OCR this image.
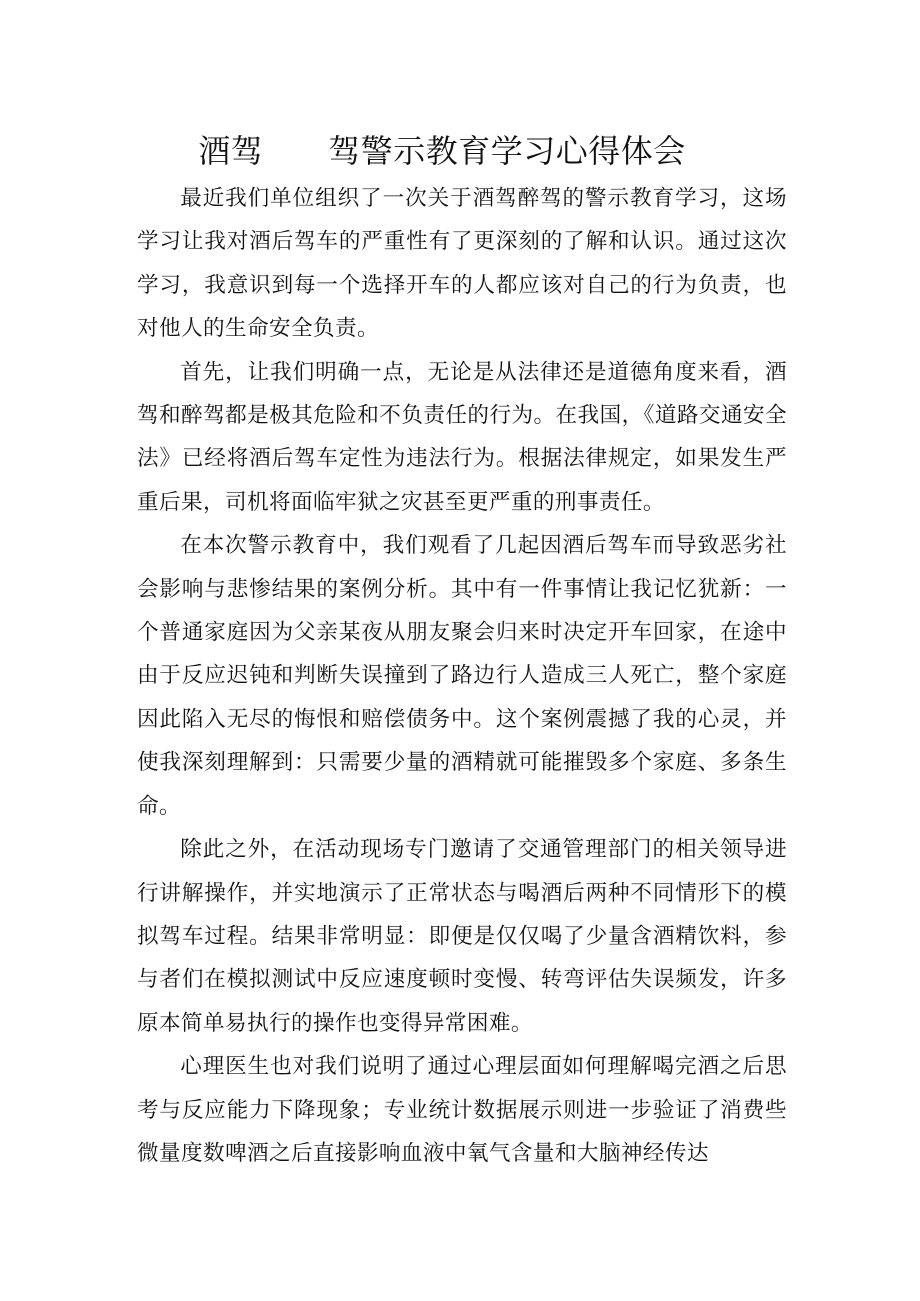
酒驾　　驾警示教育学习心得体会

最近我们单位组织了一次关于酒驾醉驾的警示教育学习，这场学习让我对酒后驾车的严重性有了更深刻的了解和认识。通过这次学习，我意识到每一个选择开车的人都应该对自己的行为负责，也对他人的生命安全负责。

首先，让我们明确一点，无论是从法律还是道德角度来看，酒驾和醉驾都是极其危险和不负责任的行为。在我国，《道路交通安全法》已经将酒后驾车定性为违法行为。根据法律规定，如果发生严重后果，司机将面临牢狱之灾甚至更严重的刑事责任。

在本次警示教育中，我们观看了几起因酒后驾车而导致恶劣社会影响与悲惨结果的案例分析。其中有一件事情让我记忆犹新：一个普通家庭因为父亲某夜从朋友聚会归来时决定开车回家，在途中由于反应迟钝和判断失误撞到了路边行人造成三人死亡，整个家庭因此陷入无尽的悔恨和赔偿债务中。这个案例震撼了我的心灵，并使我深刻理解到：只需要少量的酒精就可能摧毁多个家庭、多条生命。

除此之外，在活动现场专门邀请了交通管理部门的相关领导进行讲解操作，并实地演示了正常状态与喝酒后两种不同情形下的模拟驾车过程。结果非常明显：即便是仅仅喝了少量含酒精饮料，参与者们在模拟测试中反应速度顿时变慢、转弯评估失误频发，许多原本简单易执行的操作也变得异常困难。

心理医生也对我们说明了通过心理层面如何理解喝完酒之后思考与反应能力下降现象；专业统计数据展示则进一步验证了消费些微量度数啤酒之后直接影响血液中氧气含量和大脑神经传达
